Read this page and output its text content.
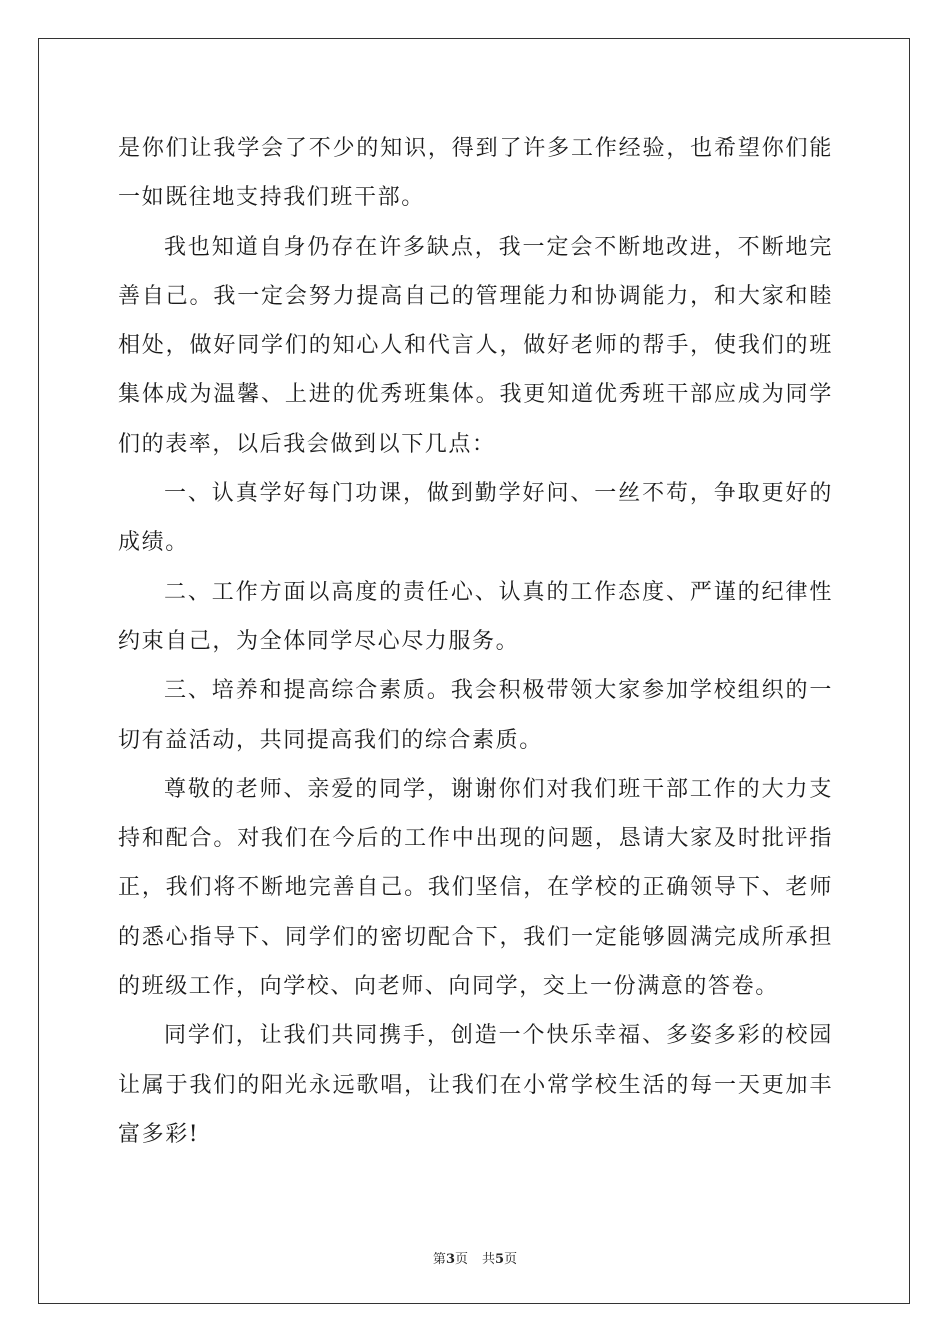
是你们让我学会了不少的知识，得到了许多工作经验，也希望你们能一如既往地支持我们班干部。

我也知道自身仍存在许多缺点，我一定会不断地改进，不断地完善自己。我一定会努力提高自己的管理能力和协调能力，和大家和睦相处，做好同学们的知心人和代言人，做好老师的帮手，使我们的班集体成为温馨、上进的优秀班集体。我更知道优秀班干部应成为同学们的表率，以后我会做到以下几点：

一、认真学好每门功课，做到勤学好问、一丝不苟，争取更好的成绩。

二、工作方面以高度的责任心、认真的工作态度、严谨的纪律性约束自己，为全体同学尽心尽力服务。

三、培养和提高综合素质。我会积极带领大家参加学校组织的一切有益活动，共同提高我们的综合素质。

尊敬的老师、亲爱的同学，谢谢你们对我们班干部工作的大力支持和配合。对我们在今后的工作中出现的问题，恳请大家及时批评指正，我们将不断地完善自己。我们坚信，在学校的正确领导下、老师的悉心指导下、同学们的密切配合下，我们一定能够圆满完成所承担的班级工作，向学校、向老师、向同学，交上一份满意的答卷。

同学们，让我们共同携手，创造一个快乐幸福、多姿多彩的校园让属于我们的阳光永远歌唱，让我们在小常学校生活的每一天更加丰富多彩!

第3页 共5页
